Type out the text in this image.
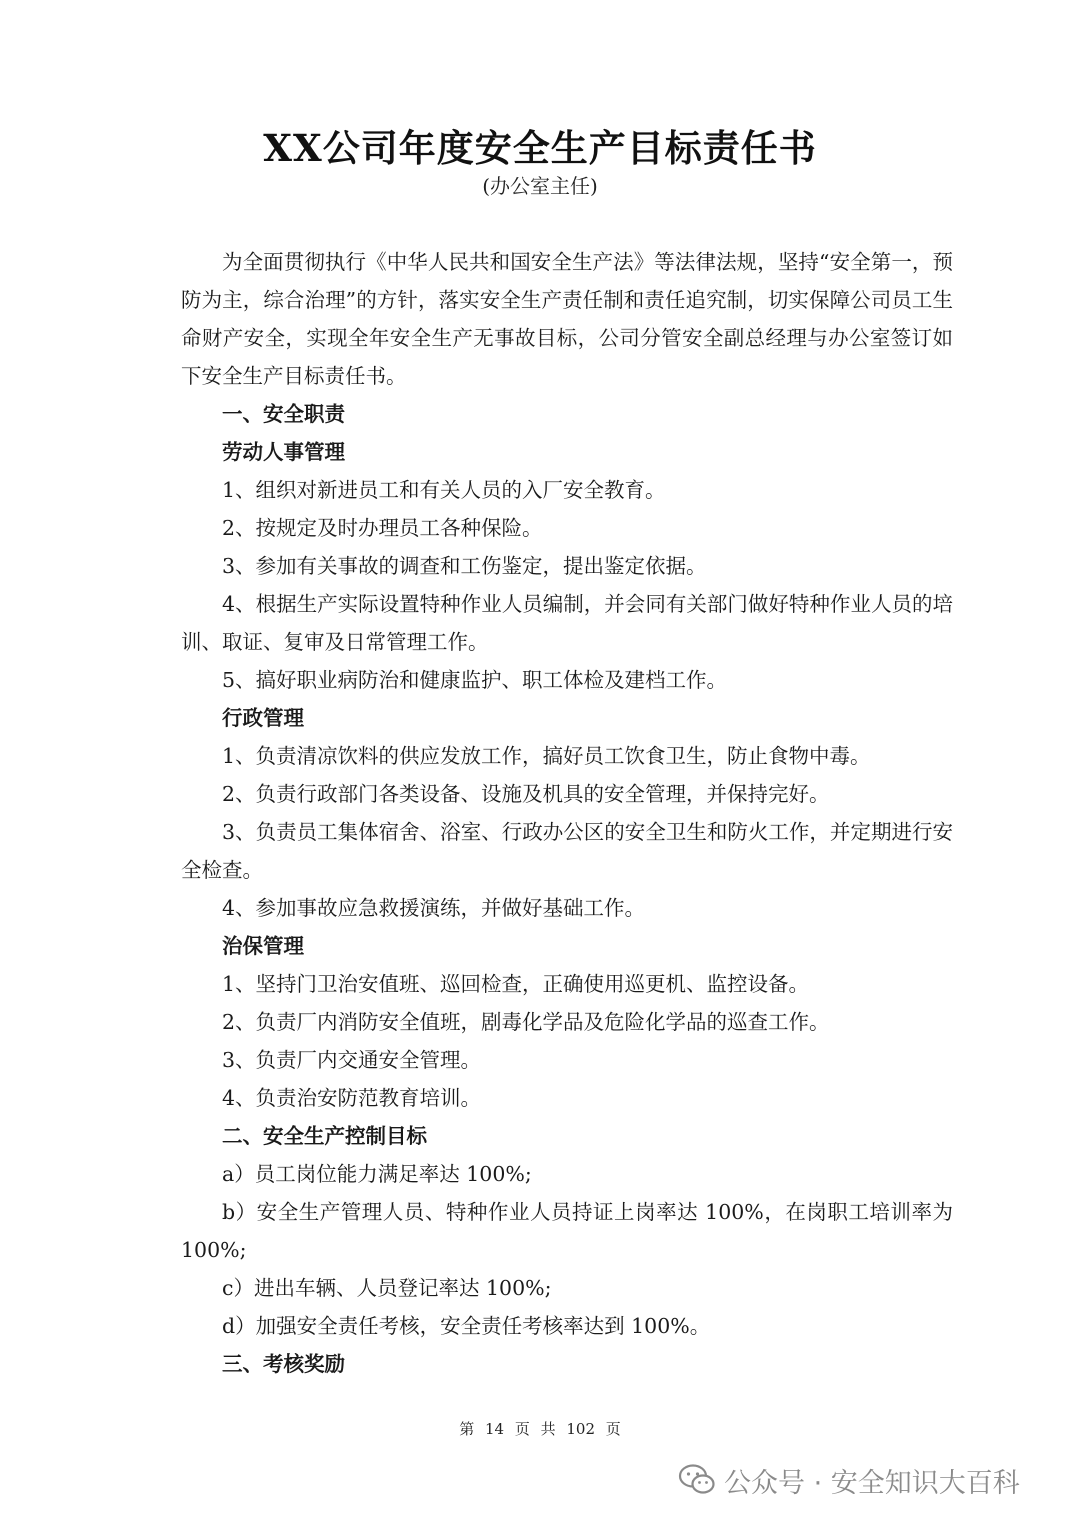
XX公司年度安全生产目标责任书
(办公室主任)

为全面贯彻执行《中华人民共和国安全生产法》等法律法规，坚持“安全第一，预防为主，综合治理”的方针，落实安全生产责任制和责任追究制，切实保障公司员工生命财产安全，实现全年安全生产无事故目标，公司分管安全副总经理与办公室签订如下安全生产目标责任书。

一、安全职责

劳动人事管理

1、组织对新进员工和有关人员的入厂安全教育。

2、按规定及时办理员工各种保险。

3、参加有关事故的调查和工伤鉴定，提出鉴定依据。

4、根据生产实际设置特种作业人员编制，并会同有关部门做好特种作业人员的培训、取证、复审及日常管理工作。

5、搞好职业病防治和健康监护、职工体检及建档工作。

行政管理

1、负责清凉饮料的供应发放工作，搞好员工饮食卫生，防止食物中毒。

2、负责行政部门各类设备、设施及机具的安全管理，并保持完好。

3、负责员工集体宿舍、浴室、行政办公区的安全卫生和防火工作，并定期进行安全检查。

4、参加事故应急救援演练，并做好基础工作。

治保管理

1、坚持门卫治安值班、巡回检查，正确使用巡更机、监控设备。

2、负责厂内消防安全值班，剧毒化学品及危险化学品的巡查工作。

3、负责厂内交通安全管理。

4、负责治安防范教育培训。

二、安全生产控制目标

a）员工岗位能力满足率达 100%;

b）安全生产管理人员、特种作业人员持证上岗率达 100%，在岗职工培训率为 100%;

c）进出车辆、人员登记率达 100%;

d）加强安全责任考核，安全责任考核率达到 100%。

三、考核奖励

第 14 页 共 102 页
公众号 · 安全知识大百科
